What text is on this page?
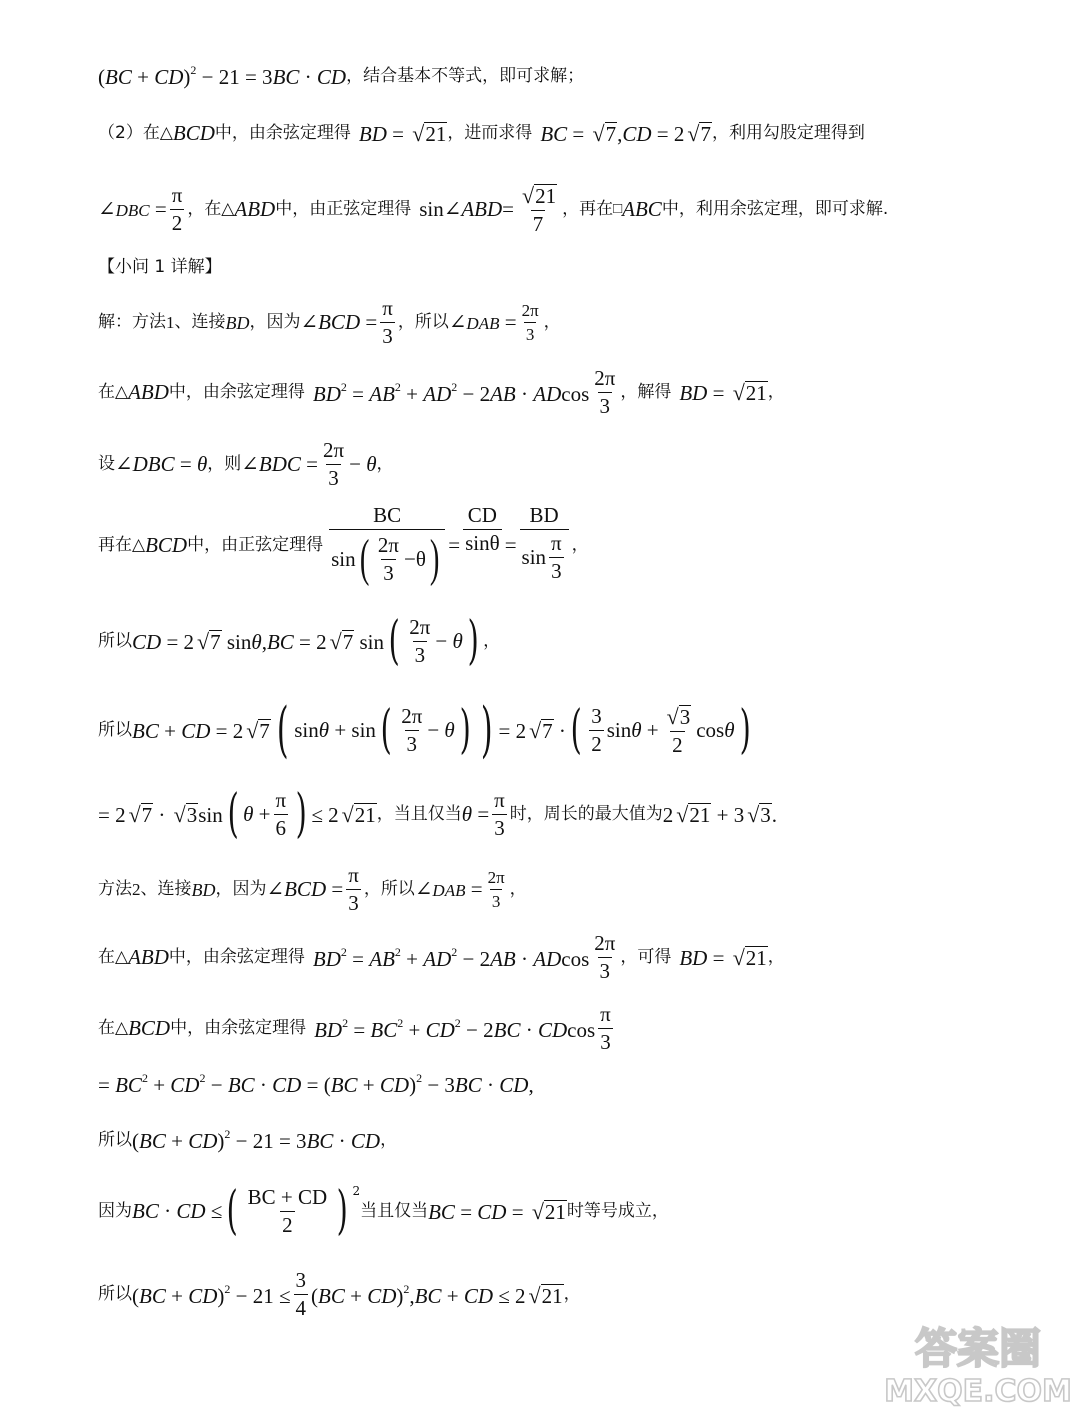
(BC + CD)$^2$ − 21 = 3BC · CD ， 结合基本不等式，即可求解；
（2）在△ BCD 中， 由余弦定理得 BD = √21 ， 进而求得 BC = √7,CD = 2 √7 ， 利用勾股定理得到
∠DBC = $\frac{\pi}{2}$ ， 在△ ABD 中， 由正弦定理得 sin∠ ABD = $\frac{√21}{7}$ ， 再在 □ ABC 中，利用余弦定理，即可求解.
【小问 1 详解】
解：方法 1 、连接 BD ， 因为 ∠BCD = $\frac{\pi}{3}$ ， 所以 ∠DAB = $\frac{2\pi}{3}$ ，
在△ ABD 中， 由余弦定理得 $BD^2 = AB^2 + AD^2 - 2AB \cdot ADcos \frac{2\pi}{3}$ ， 解得 BD = √21 ，
设 ∠DBC = θ ， 则 ∠BDC = $\frac{2\pi}{3} - \theta$ ，
再在 △ BCD 中， 由正弦定理得 $\frac{BC}{\sin ( \frac{2\pi}{3} - \theta )} = \frac{CD}{\sin\theta} = \frac{BD}{\sin \frac{\pi}{3}}$ ，
所以 CD = 2 √7 sinθ,BC = 2 √7 sin ( $\frac{2\pi}{3} - \theta$ ) ，
所以 BC + CD = 2 √7 ( sinθ + sin ( $\frac{2\pi}{3} - \theta$ ) ) = 2 √7 · ( $\frac{3}{2}$ $\sin\theta + \frac{√3}{2}$ cosθ )
= 2 √7 · √3sin ( $\theta + \frac{\pi}{6}$ ) ≤ 2 √21 ， 当且仅当 $\theta = \frac{\pi}{3}$ 时，周长的最大值为 2 √21 + 3 √3.
方法 2 、连接 BD ， 因为 ∠BCD = $\frac{\pi}{3}$ ， 所以 ∠DAB = $\frac{2\pi}{3}$ ，
在△ ABD 中， 由余弦定理得 $BD^2 = AB^2 + AD^2 - 2AB \cdot ADcos \frac{2\pi}{3}$ ， 可得 BD = √21 ，
在△ BCD 中， 由余弦定理得 $BD^2 = BC^2 + CD^2 - 2BC \cdot CDcos \frac{\pi}{3}$
= $BC^2 + CD^2$ − BC · CD = (BC + CD)$^2$ − 3BC · CD,
所以 (BC + CD)$^2$ − 21 = 3BC · CD ，
因为 BC · CD ≤ ( $\frac{BC + CD}{2}$ ) $^2$
当且仅当 BC = CD = √21 时等号成立，
所以 $(BC + CD)^2 - 21 \le \frac{3}{4} (BC + CD)^2,BC$ + CD ≤ 2 √21 ，
答案圈
MXQE.COM
